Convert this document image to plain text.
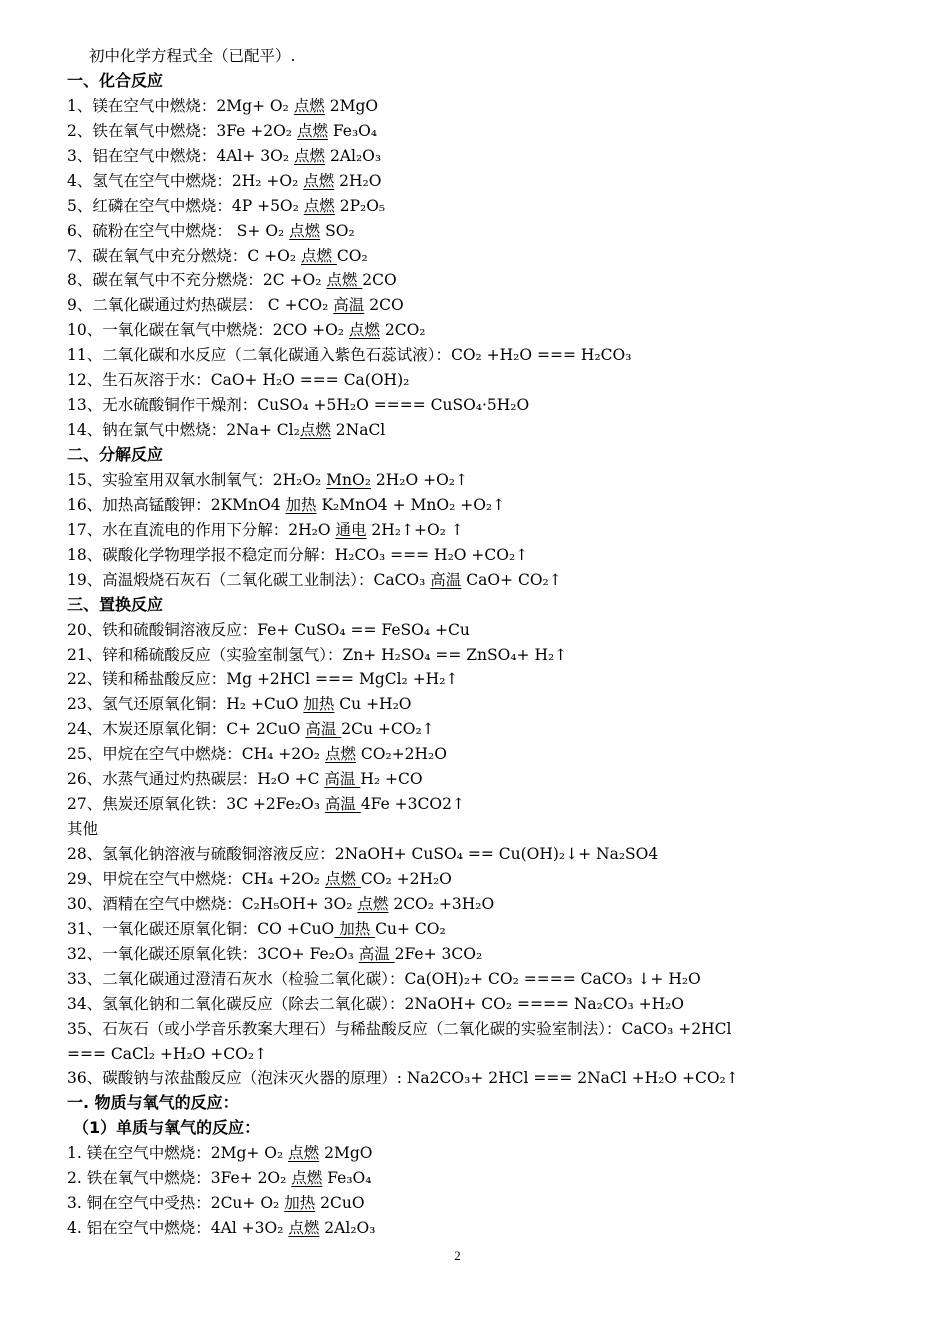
初中化学方程式全（已配平）.
一、化合反应
1、镁在空气中燃烧：2Mg+ O₂ 点燃 2MgO
2、铁在氧气中燃烧：3Fe +2O₂ 点燃 Fe₃O₄
3、铝在空气中燃烧：4Al+ 3O₂ 点燃 2Al₂O₃
4、氢气在空气中燃烧：2H₂ +O₂ 点燃 2H₂O
5、红磷在空气中燃烧：4P +5O₂ 点燃 2P₂O₅
6、硫粉在空气中燃烧： S+ O₂ 点燃 SO₂
7、碳在氧气中充分燃烧：C +O₂ 点燃 CO₂
8、碳在氧气中不充分燃烧：2C +O₂ 点燃 2CO
9、二氧化碳通过灼热碳层： C +CO₂ 高温 2CO
10、一氧化碳在氧气中燃烧：2CO +O₂ 点燃 2CO₂
11、二氧化碳和水反应（二氧化碳通入紫色石蕊试液）：CO₂ +H₂O === H₂CO₃
12、生石灰溶于水：CaO+ H₂O === Ca(OH)₂
13、无水硫酸铜作干燥剂：CuSO₄ +5H₂O ==== CuSO₄·5H₂O
14、钠在氯气中燃烧：2Na+ Cl₂点燃 2NaCl
二、分解反应
15、实验室用双氧水制氧气：2H₂O₂ MnO₂ 2H₂O +O₂↑
16、加热高锰酸钾：2KMnO4 加热 K₂MnO4 + MnO₂ +O₂↑
17、水在直流电的作用下分解：2H₂O 通电 2H₂↑+O₂ ↑
18、碳酸化学物理学报不稳定而分解：H₂CO₃ === H₂O +CO₂↑
19、高温煅烧石灰石（二氧化碳工业制法）：CaCO₃ 高温 CaO+ CO₂↑
三、置换反应
20、铁和硫酸铜溶液反应：Fe+ CuSO₄ == FeSO₄ +Cu
21、锌和稀硫酸反应（实验室制氢气）：Zn+ H₂SO₄ == ZnSO₄+ H₂↑
22、镁和稀盐酸反应：Mg +2HCl === MgCl₂ +H₂↑
23、氢气还原氧化铜：H₂ +CuO 加热 Cu +H₂O
24、木炭还原氧化铜：C+ 2CuO 高温 2Cu +CO₂↑
25、甲烷在空气中燃烧：CH₄ +2O₂ 点燃 CO₂+2H₂O
26、水蒸气通过灼热碳层：H₂O +C 高温 H₂ +CO
27、焦炭还原氧化铁：3C +2Fe₂O₃ 高温 4Fe +3CO2↑
其他
28、氢氧化钠溶液与硫酸铜溶液反应：2NaOH+ CuSO₄ == Cu(OH)₂↓+ Na₂SO4
29、甲烷在空气中燃烧：CH₄ +2O₂ 点燃 CO₂ +2H₂O
30、酒精在空气中燃烧：C₂H₅OH+ 3O₂ 点燃 2CO₂ +3H₂O
31、一氧化碳还原氧化铜：CO +CuO 加热 Cu+ CO₂
32、一氧化碳还原氧化铁：3CO+ Fe₂O₃ 高温 2Fe+ 3CO₂
33、二氧化碳通过澄清石灰水（检验二氧化碳）：Ca(OH)₂+ CO₂ ==== CaCO₃ ↓+ H₂O
34、氢氧化钠和二氧化碳反应（除去二氧化碳）：2NaOH+ CO₂ ==== Na₂CO₃ +H₂O
35、石灰石（或小学音乐教案大理石）与稀盐酸反应（二氧化碳的实验室制法）：CaCO₃ +2HCl
=== CaCl₂ +H₂O +CO₂↑
36、碳酸钠与浓盐酸反应（泡沫灭火器的原理）: Na2CO₃+ 2HCl === 2NaCl +H₂O +CO₂↑
一. 物质与氧气的反应：
（1）单质与氧气的反应：
1. 镁在空气中燃烧：2Mg+ O₂ 点燃 2MgO
2. 铁在氧气中燃烧：3Fe+ 2O₂ 点燃 Fe₃O₄
3. 铜在空气中受热：2Cu+ O₂ 加热 2CuO
4. 铝在空气中燃烧：4Al +3O₂ 点燃 2Al₂O₃
2
